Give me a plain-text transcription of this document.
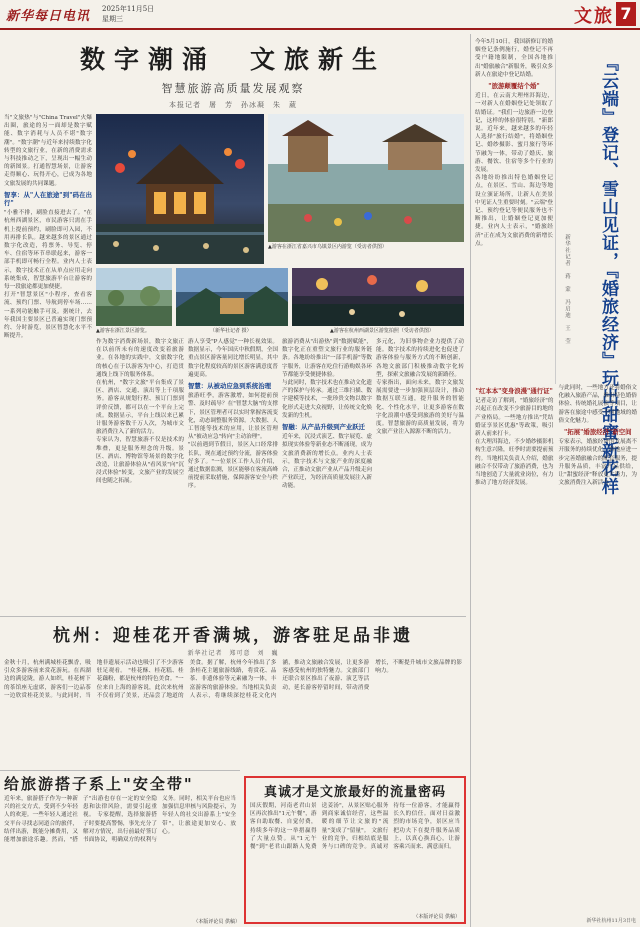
新华每日电讯 2025年11月5日
星期三	文旅 7
数字潮涌　文旅新生
智慧旅游高质量发展观察
本报记者　屠　芳　孙冰凝　朱　葳
当"文旅热"与"China Travel"火爆出圈，旅途的另一面却是数字赋能、数字消耗与人员不堪"数字潮"。"数字潮"与近年来持续数字化转型的文旅行业，在新的消费需求与科技推动之下，呈现出一幅生动的新图景。打通智慧场景，让游客走得顺心、玩得开心，已成为各地文旅发展的共同课题。
智享：从"人在旅途"到"码在出行"
"小雅不排，刷脸直接进去了。"在杭州西湖景区，市民游客只需在手机上提前预约，刷脸即可入园，不用再排长队。越来越多的景区通过数字化改造，将票务、导览、停车、住宿等环节串联起来，游客一部手机即可畅行全程。业内人士表示，数字技术正在从单点应用走向系统集成，智慧旅游平台让游客的每一段旅途都更加便捷。
打开"智慧景区"小程序，查看客流、预约门票、导航到停车场……一系列功能触手可及。据统计，去年我国主要景区已普遍实现门票预约、分时游览，景区智慧化水平不断提升。
▲游客在浙江省嘉兴市乌镇景区内游览（受访者供图）
▲游客在浙江景区游览。	（新华社记者 摄）	▲游客在杭州西湖景区游览拍照（受访者供图）
作为数字消费新场景，数字文旅正在以前所未有的速度改变着旅游业。在各地的实践中，文旅数字化的核心在于以游客为中心，打造贯通线上线下的服务体系。
在杭州，"数字文旅"平台集成了景区、酒店、交通、演出等上千项服务。游客从规划行程、预订门票到评价反馈，都可以在一个平台上完成。数据显示，平台上线以来已累计服务游客数千万人次，为城市文旅消费注入了新的活力。
专家认为，智慧旅游不仅是技术的堆叠，更是服务理念的升级。景区、酒店、博物馆等场景的数字化改造，让旅游体验从"看风景"向"沉浸式体验"转变，文旅产业的发展空间也随之拓展。
游人享受"P人感觉"一种长视效果。数据显示，今年国庆中秋假期，全国重点景区游客量同比增长明显，其中数字化程度较高的景区游客满意度普遍更高。
智慧：从被动应急到系统治理
旅游旺季，游客激增，如何提前预警、及时疏导？在"智慧大脑"的支撑下，景区管理者可以实时掌握客流变化，动态调整服务资源。大数据、人工智能等技术的应用，让景区管理从"被动应急"转向"主动治理"。
"以前遇到节假日，景区入口经常排长队，现在通过预约分流，游客体验好多了。"一位景区工作人员介绍，通过数据监测，景区能够在客流高峰前提前采取措施，保障游客安全与秩序。
旅游消费从"出游热"到"数据赋能"，数字化正在重塑文旅行业的服务链条。各地纷纷推出"一部手机游"等数字服务，让游客在吃住行游购娱各环节都能享受便捷体验。
与此同时，数字技术也在推动文化遗产的保护与传承。通过三维扫描、数字建模等技术，一批珍贵文物以数字化形式走进大众视野，让传统文化焕发新的生机。
智融：从产品升级到产业跃迁
近年来，沉浸式演艺、数字展览、虚拟现实体验等新业态不断涌现，成为文旅消费新的增长点。业内人士表示，数字技术与文旅产业的深度融合，正推动文旅产业从产品升级走向产业跃迁，为经济高质量发展注入新动能。
多元化，为旧事物企业力提供了动能。数字技术的持续进化也促进了游客体验与服务方式的不断创新，各地文旅部门积极推动数字化转型，探索文旅融合发展的新路径。
专家指出，面向未来，数字文旅发展需要进一步加强顶层设计，推动数据互联互通，提升服务的智能化、个性化水平，让更多游客在数字化浪潮中感受到旅游的美好与温度。智慧旅游的高质量发展，将为文旅产业注入源源不断的活力。
杭州：迎桂花开香满城，游客驻足品非遗
新华社记者　郑可意　刘　巍
金秋十月，杭州满城桂花飘香，吸引众多游客前来赏花游玩。在西湖边的满觉陇，游人如织，桂花树下的茶馆座无虚席，游客们一边品茶一边欣赏桂花美景。与此同时，当地非遗展示活动也吸引了不少游客驻足观看。 "桂花酥、桂花糕、桂花藕粉，都是杭州的特色美食。"一位来自上海的游客说，此次来杭州不仅看到了美景，还品尝了地道的美食。据了解，杭州今年推出了多条桂花主题旅游线路，将赏花、品茶、非遗体验等元素融为一体，丰富游客的旅游体验。当地相关负责人表示，将继续深挖桂花文化内涵，推动文旅融合发展，让更多游客感受杭州的独特魅力。文旅部门还联合景区推出了夜游、演艺等活动，延长游客停留时间，带动消费增长，不断提升城市文旅品牌的影响力。
给旅游搭子系上"安全带"
近年来，旅游搭子作为一种新兴的社交方式，受到不少年轻人的欢迎。一些年轻人通过社交平台寻找志同道合的旅伴，结伴出游，既能分摊费用，又能增加旅途乐趣。然而，"搭子"出游也存在一定的安全隐患和法律风险，需要引起重视。 专家提醒，选择旅游搭子时要提高警惕，事先充分了解对方情况，出行前最好签订书面协议，明确双方的权利与义务。同时，相关平台也应当加强信息审核与风险提示，为年轻人的社交出游系上"安全带"，让旅途更加安心、放心。
（本版评论员 供稿）
真诚才是文旅最好的流量密码
国庆假期，河南老君山景区再次推出"1元午餐"，游客自助取餐、自觉付费，持续多年的这一举措赢得了大量点赞。从"1元午餐"到"老君山跟路人免费送姜汤"，从景区贴心服务到商家诚信经营，这些温暖的细节让文旅的"流量"变成了"留量"。 文旅行业的竞争，归根结底是服务与口碑的竞争。真诚对待每一位游客，才能赢得长久的信任。面对日益激烈的市场竞争，景区应当把功夫下在提升服务品质上，以真心换真心，让游客乘兴而来、满意而归。
（本版评论员 供稿）
『云端』登记、雪山见证，『婚旅经济』玩出甜蜜新花样
新华社记者　蒋　蒙　冯启迪　王　莹
今年5月10日，我国新修订的婚姻登记条例施行，婚登记不再受户籍地限制，全国各地推出"婚旅融合"新服务，吸引众多新人在旅途中登记结婚。
"旅游颠覆结个婚"
近日，在云南大理州洱海边，一对新人在婚姻登记处领取了结婚证。"我们一边旅游一边登记，这样的体验很特别。"新郎说。近年来，越来越多的年轻人选择"旅行结婚"，将婚姻登记、婚纱摄影、蜜月旅行等环节融为一体，带动了婚庆、旅游、餐饮、住宿等多个行业的发展。
各地纷纷推出特色婚姻登记点，在景区、雪山、海边等地设立颁证场所，让新人在美景中见证人生重要时刻。"云端"登记、预约登记等便民服务也不断推出，让婚姻登记更加便捷。业内人士表示，"婚旅经济"正在成为文旅消费的新增长点。
"红本本"变身浪漫"通行证"
记者走访了解到，"婚旅经济"的兴起正在改变不少旅游目的地的产业格局。一些地方推出"凭结婚证享景区优惠"等政策，吸引新人前来打卡。
在大理洱海边，不少婚纱摄影机构生意兴隆，旺季时需要提前预约。当地相关负责人介绍，婚旅融合不仅带动了旅游消费，也为当地创造了大量就业岗位，有力推动了地方经济发展。
与此同时，一些地方还将婚俗文化融入旅游产品，推出特色婚俗体验、传统婚礼展演等项目，让游客在旅途中感受不同地域的婚俗文化魅力。
"拓展"婚旅经济"新空间
专家表示，婚旅经济的发展离不开服务的持续优化。各地应进一步完善婚旅融合的配套服务，提升服务品质，丰富产品供给，让"甜蜜经济"释放更大潜力，为文旅消费注入新活力。
新华社杭州11月3日电
